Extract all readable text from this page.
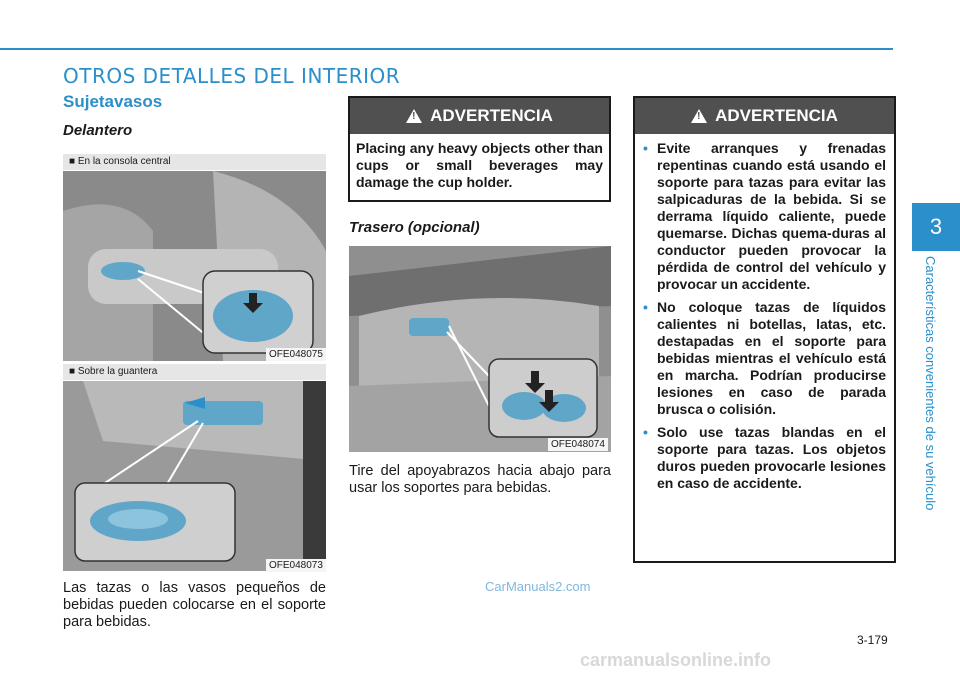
OTROS DETALLES DEL INTERIOR
Sujetavasos
Delantero
■ En la consola central
OFE048075
■ Sobre la guantera
OFE048073
Las tazas o las vasos pequeños de bebidas pueden colocarse en el soporte para bebidas.
!
ADVERTENCIA
Placing any heavy objects other than cups or small beverages may damage the cup holder.
Trasero (opcional)
OFE048074
Tire del apoyabrazos hacia abajo para usar los soportes para bebidas.
!
ADVERTENCIA
• Evite arranques y frenadas repentinas cuando está usando el soporte para tazas para evitar las salpicaduras de la bebida. Si se derrama líquido caliente, puede quemarse. Dichas quema-duras al conductor pueden provocar la pérdida de control del vehículo y provocar un accidente.
• No coloque tazas de líquidos calientes ni botellas, latas, etc. destapadas en el soporte para bebidas mientras el vehículo está en marcha. Podrían producirse lesiones en caso de parada brusca o colisión.
• Solo use tazas blandas en el soporte para tazas. Los objetos duros pueden provocarle lesiones en caso de accidente.
CarManuals2.com
carmanualsonline.info
3
Características convenientes de su vehículo
3-179
